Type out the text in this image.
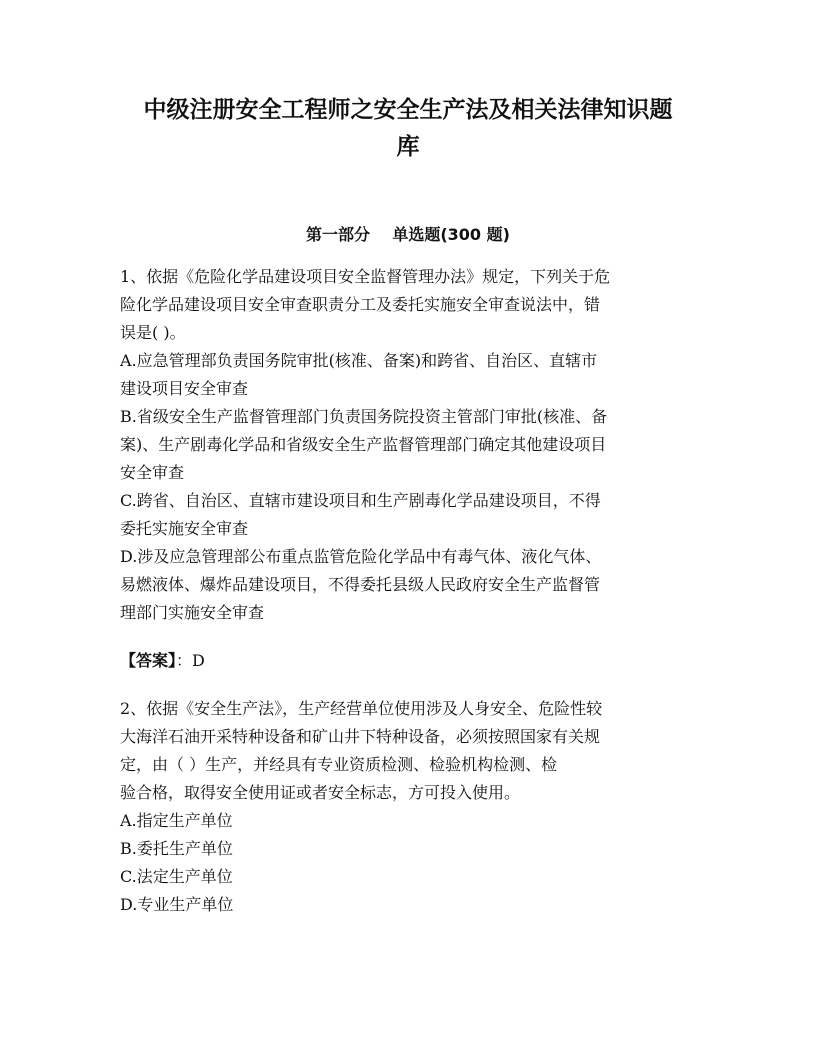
中级注册安全工程师之安全生产法及相关法律知识题
库
第一部分    单选题(300 题)
1、依据《危险化学品建设项目安全监督管理办法》规定，下列关于危
险化学品建设项目安全审查职责分工及委托实施安全审查说法中，错
误是( )。
A.应急管理部负责国务院审批(核准、备案)和跨省、自治区、直辖市
建设项目安全审查
B.省级安全生产监督管理部门负责国务院投资主管部门审批(核准、备
案)、生产剧毒化学品和省级安全生产监督管理部门确定其他建设项目
安全审查
C.跨省、自治区、直辖市建设项目和生产剧毒化学品建设项目，不得
委托实施安全审查
D.涉及应急管理部公布重点监管危险化学品中有毒气体、液化气体、
易燃液体、爆炸品建设项目，不得委托县级人民政府安全生产监督管
理部门实施安全审查
【答案】：D
2、依据《安全生产法》，生产经营单位使用涉及人身安全、危险性较
大海洋石油开采特种设备和矿山井下特种设备，必须按照国家有关规
定，由（ ）生产，并经具有专业资质检测、检验机构检测、检
验合格，取得安全使用证或者安全标志，方可投入使用。
A.指定生产单位
B.委托生产单位
C.法定生产单位
D.专业生产单位
